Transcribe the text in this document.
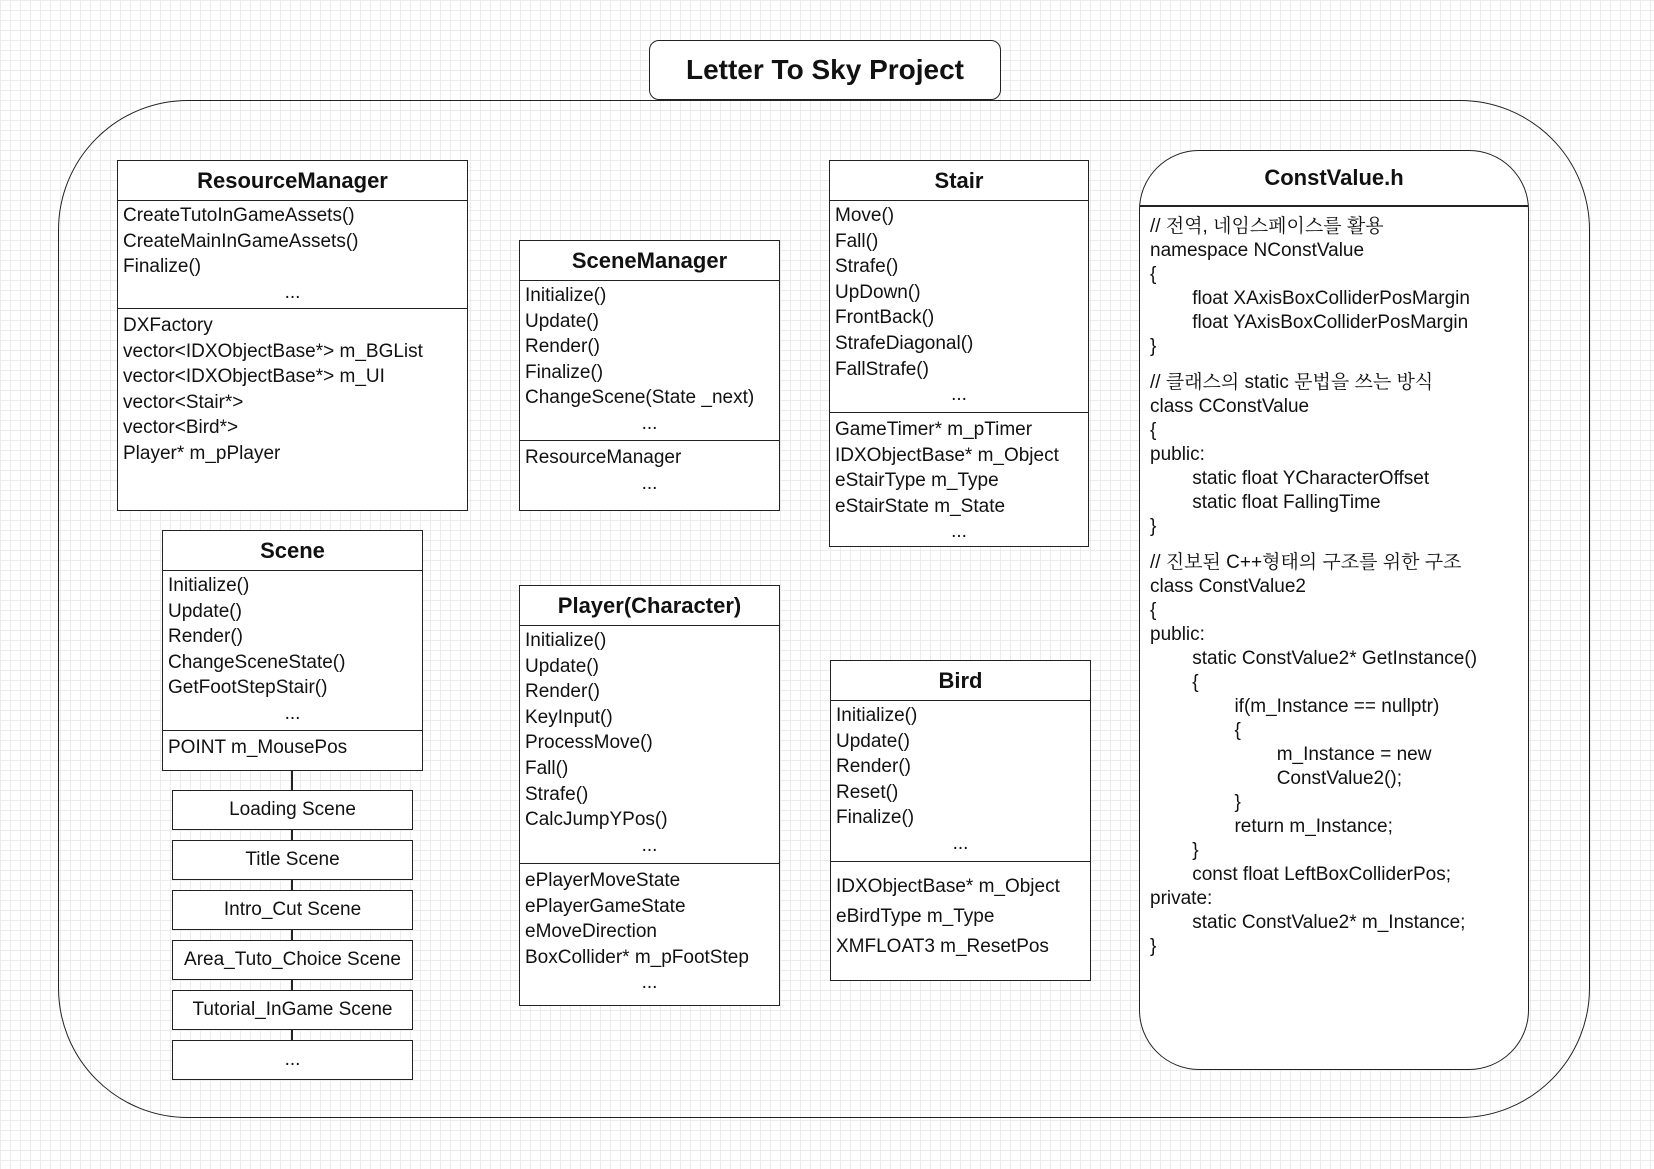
Letter To Sky Project
ResourceManager
CreateTutoInGameAssets()
CreateMainInGameAssets()
Finalize()
...
DXFactory
vector<IDXObjectBase*> m_BGList
vector<IDXObjectBase*> m_UI
vector<Stair*>
vector<Bird*>
Player* m_pPlayer
SceneManager
Initialize()
Update()
Render()
Finalize()
ChangeScene(State _next)
...
ResourceManager
...
Stair
Move()
Fall()
Strafe()
UpDown()
FrontBack()
StrafeDiagonal()
FallStrafe()
...
GameTimer* m_pTimer
IDXObjectBase* m_Object
eStairType m_Type
eStairState m_State
...
Scene
Initialize()
Update()
Render()
ChangeSceneState()
GetFootStepStair()
...
POINT m_MousePos
Loading Scene
Title Scene
Intro_Cut Scene
Area_Tuto_Choice Scene
Tutorial_InGame Scene
...
Player(Character)
Initialize()
Update()
Render()
KeyInput()
ProcessMove()
Fall()
Strafe()
CalcJumpYPos()
...
ePlayerMoveState
ePlayerGameState
eMoveDirection
BoxCollider* m_pFootStep
...
Bird
Initialize()
Update()
Render()
Reset()
Finalize()
...
IDXObjectBase* m_Object
eBirdType m_Type
XMFLOAT3 m_ResetPos
ConstValue.h
// 전역, 네임스페이스를 활용
namespace NConstValue
{
float XAxisBoxColliderPosMargin
float YAxisBoxColliderPosMargin
}
// 클래스의 static 문법을 쓰는 방식
class CConstValue
{
public:
static float YCharacterOffset
static float FallingTime
}
// 진보된 C++형태의 구조를 위한 구조
class ConstValue2
{
public:
static ConstValue2* GetInstance()
{
if(m_Instance == nullptr)
{
m_Instance = new
ConstValue2();
}
return m_Instance;
}
const float LeftBoxColliderPos;
private:
static ConstValue2* m_Instance;
}
